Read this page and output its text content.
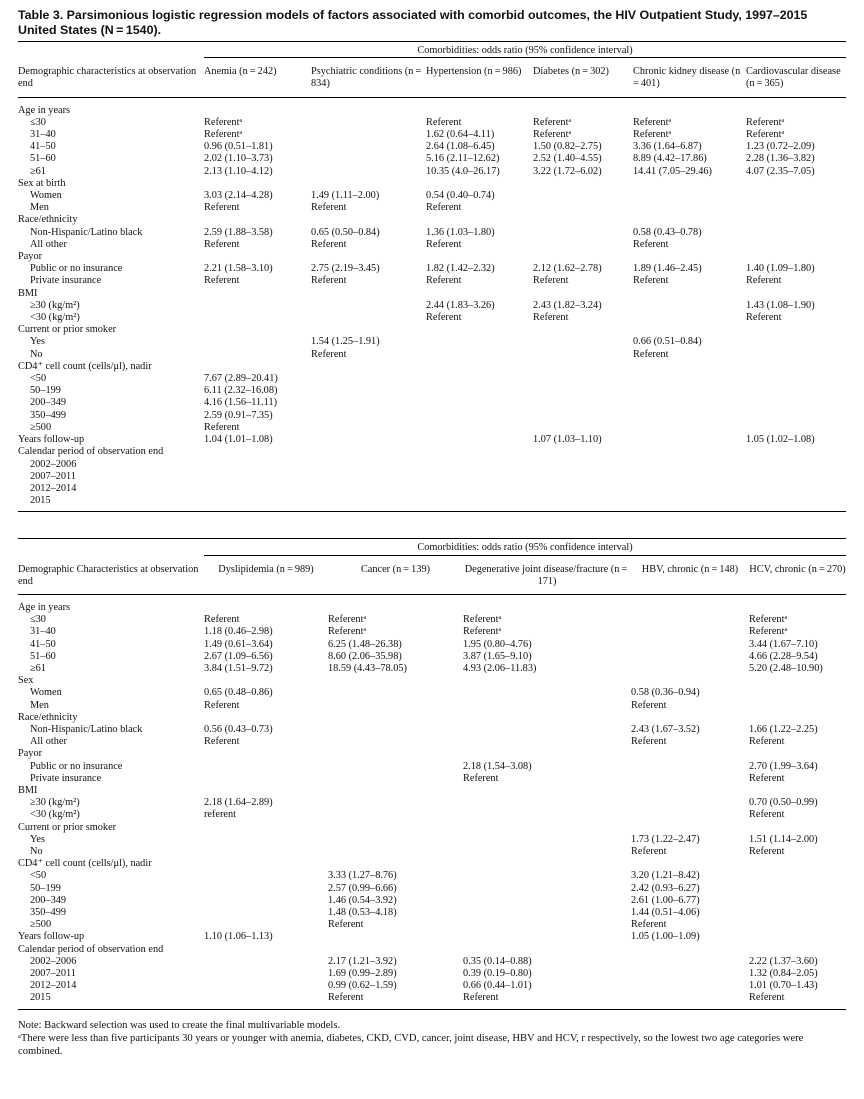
Table 3. Parsimonious logistic regression models of factors associated with comorbid outcomes, the HIV Outpatient Study, 1997–2015 United States (N = 1540).

	Comorbidities: odds ratio (95% confidence interval)					

Demographic characteristics at observation end	Anemia (n = 242)	Psychiatric conditions (n = 834)	Hypertension (n = 986)	Diabetes (n = 302)	Chronic kidney disease (n = 401)	Cardiovascular disease (n = 365)
Age in years						
≤30	Referentᵃ		Referent	Referentᵃ	Referentᵃ	Referentᵃ
31–40	Referentᵃ		1.62 (0.64–4.11)	Referentᵃ	Referentᵃ	Referentᵃ
41–50	0.96 (0.51–1.81)		2.64 (1.08–6.45)	1.50 (0.82–2.75)	3.36 (1.64–6.87)	1.23 (0.72–2.09)
51–60	2.02 (1.10–3.73)		5.16 (2.11–12.62)	2.52 (1.40–4.55)	8.89 (4.42–17.86)	2.28 (1.36–3.82)
≥61	2.13 (1.10–4.12)		10.35 (4.0–26.17)	3.22 (1.72–6.02)	14.41 (7.05–29.46)	4.07 (2.35–7.05)
Sex at birth						
Women	3.03 (2.14–4.28)	1.49 (1.11–2.00)	0.54 (0.40–0.74)			
Men	Referent	Referent	Referent			
Race/ethnicity						
Non-Hispanic/Latino black	2.59 (1.88–3.58)	0.65 (0.50–0.84)	1.36 (1.03–1.80)		0.58 (0.43–0.78)	
All other	Referent	Referent	Referent		Referent	
Payor						
Public or no insurance	2.21 (1.58–3.10)	2.75 (2.19–3.45)	1.82 (1.42–2.32)	2.12 (1.62–2.78)	1.89 (1.46–2.45)	1.40 (1.09–1.80)
Private insurance	Referent	Referent	Referent	Referent	Referent	Referent
BMI						
≥30 (kg/m²)			2.44 (1.83–3.26)	2.43 (1.82–3.24)		1.43 (1.08–1.90)
<30 (kg/m²)			Referent	Referent		Referent
Current or prior smoker						
Yes		1.54 (1.25–1.91)			0.66 (0.51–0.84)	
No		Referent			Referent	
CD4⁺ cell count (cells/μl), nadir						
<50	7.67 (2.89–20.41)					
50–199	6.11 (2.32–16.08)					
200–349	4.16 (1.56–11.11)					
350–499	2.59 (0.91–7.35)					
≥500	Referent					
Years follow-up	1.04 (1.01–1.08)			1.07 (1.03–1.10)		1.05 (1.02–1.08)
Calendar period of observation end						
2002–2006						
2007–2011						
2012–2014						
2015						

	Comorbidities: odds ratio (95% confidence interval)				

Demographic Characteristics at observation end	Dyslipidemia (n = 989)	Cancer (n = 139)	Degenerative joint disease/fracture (n = 171)	HBV, chronic (n = 148)	HCV, chronic (n = 270)
Age in years					
≤30	Referent	Referentᵃ	Referentᵃ		Referentᵃ
31–40	1.18 (0.46–2.98)	Referentᵃ	Referentᵃ		Referentᵃ
41–50	1.49 (0.61–3.64)	6.25 (1.48–26.38)	1.95 (0.80–4.76)		3.44 (1.67–7.10)
51–60	2.67 (1.09–6.56)	8.60 (2.06–35.98)	3.87 (1.65–9.10)		4.66 (2.28–9.54)
≥61	3.84 (1.51–9.72)	18.59 (4.43–78.05)	4.93 (2.06–11.83)		5.20 (2.48–10.90)
Sex					
Women	0.65 (0.48–0.86)			0.58 (0.36–0.94)	
Men	Referent			Referent	
Race/ethnicity					
Non-Hispanic/Latino black	0.56 (0.43–0.73)			2.43 (1.67–3.52)	1.66 (1.22–2.25)
All other	Referent			Referent	Referent
Payor					
Public or no insurance			2.18 (1.54–3.08)		2.70 (1.99–3.64)
Private insurance			Referent		Referent
BMI					
≥30 (kg/m²)	2.18 (1.64–2.89)				0.70 (0.50–0.99)
<30 (kg/m²)	referent				Referent
Current or prior smoker					
Yes				1.73 (1.22–2.47)	1.51 (1.14–2.00)
No				Referent	Referent
CD4⁺ cell count (cells/μl), nadir					
<50		3.33 (1.27–8.76)		3.20 (1.21–8.42)	
50–199		2.57 (0.99–6.66)		2.42 (0.93–6.27)	
200–349		1.46 (0.54–3.92)		2.61 (1.00–6.77)	
350–499		1.48 (0.53–4.18)		1.44 (0.51–4.06)	
≥500		Referent		Referent	
Years follow-up	1.10 (1.06–1.13)			1.05 (1.00–1.09)	
Calendar period of observation end					
2002–2006		2.17 (1.21–3.92)	0.35 (0.14–0.88)		2.22 (1.37–3.60)
2007–2011		1.69 (0.99–2.89)	0.39 (0.19–0.80)		1.32 (0.84–2.05)
2012–2014		0.99 (0.62–1.59)	0.66 (0.44–1.01)		1.01 (0.70–1.43)
2015		Referent	Referent		Referent

Note: Backward selection was used to create the final multivariable models.

ᵃThere were less than five participants 30 years or younger with anemia, diabetes, CKD, CVD, cancer, joint disease, HBV and HCV, r respectively, so the lowest two age categories were combined.
